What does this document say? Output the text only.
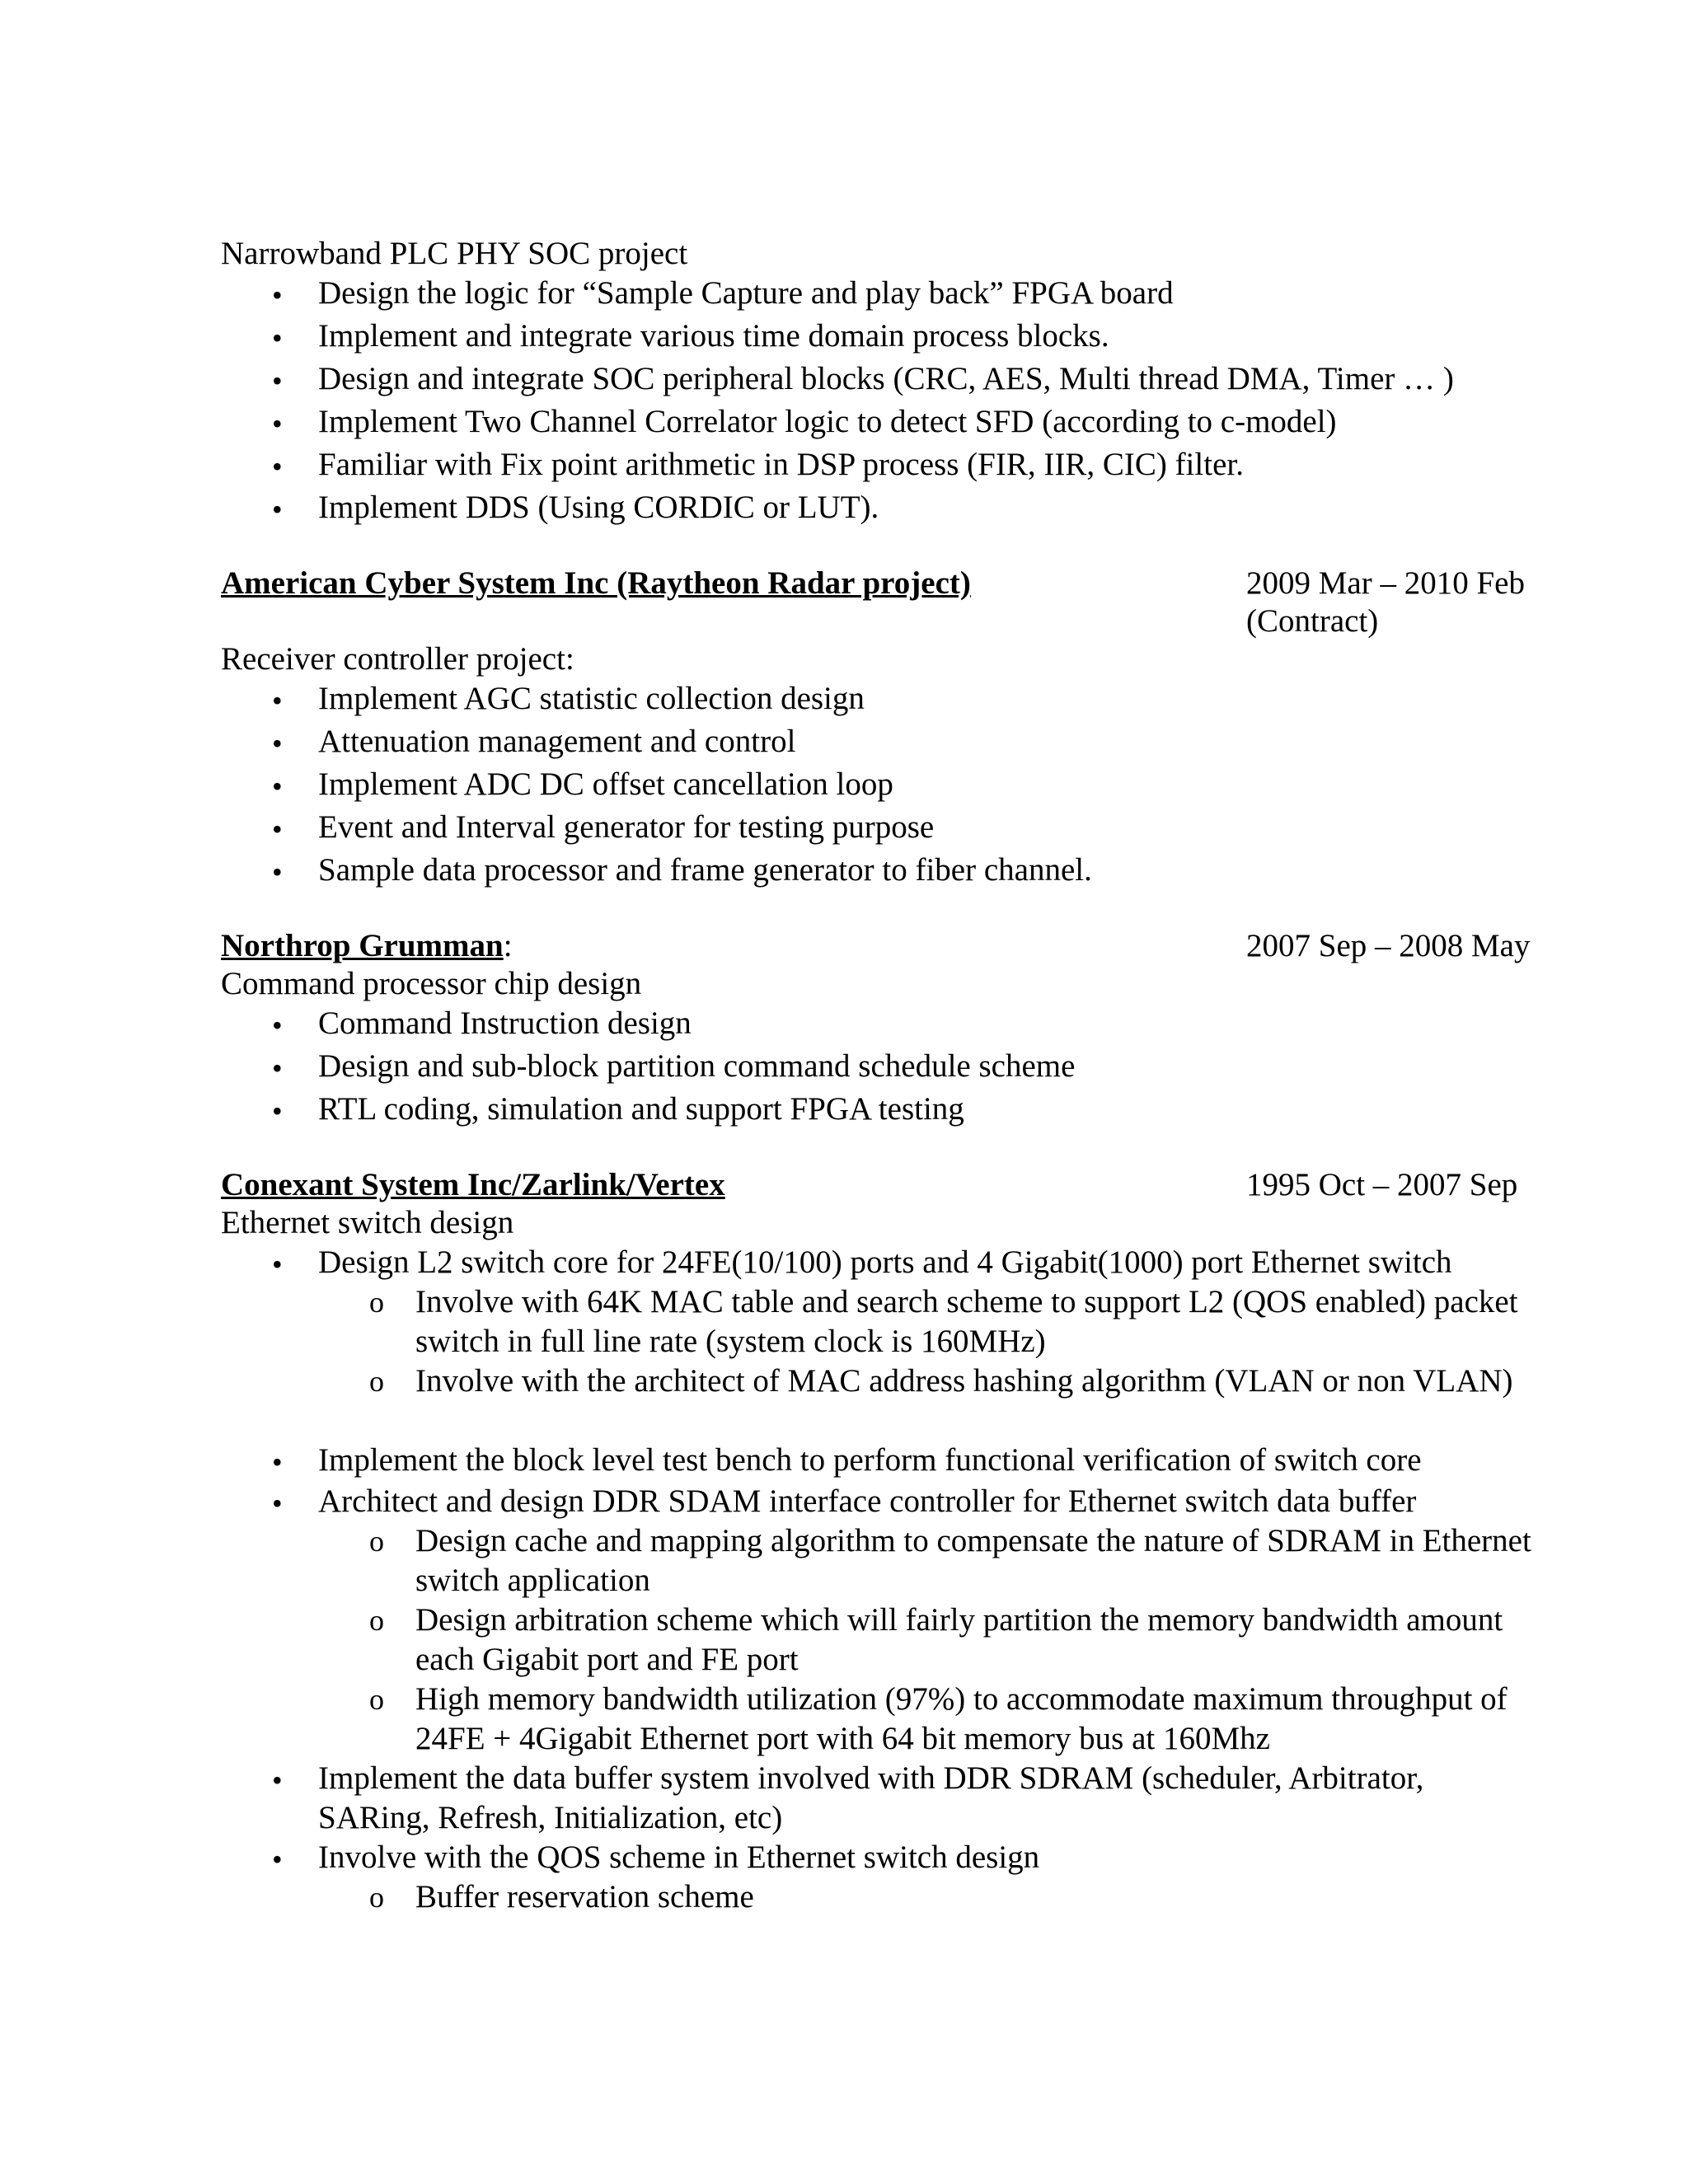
Narrowband PLC PHY SOC project
• Design the logic for “Sample Capture and play back” FPGA board
• Implement and integrate various time domain process blocks.
• Design and integrate SOC peripheral blocks (CRC, AES, Multi thread DMA, Timer … )
• Implement Two Channel Correlator logic to detect SFD (according to c-model)
• Familiar with Fix point arithmetic in DSP process (FIR, IIR, CIC) filter.
• Implement DDS (Using CORDIC or LUT).
American Cyber System Inc (Raytheon Radar project)	2009 Mar – 2010 Feb
(Contract)
Receiver controller project:
• Implement AGC statistic collection design
• Attenuation management and control
• Implement ADC DC offset cancellation loop
• Event and Interval generator for testing purpose
• Sample data processor and frame generator to fiber channel.
Northrop Grumman:	2007 Sep – 2008 May
Command processor chip design
• Command Instruction design
• Design and sub-block partition command schedule scheme
• RTL coding, simulation and support FPGA testing
Conexant System Inc/Zarlink/Vertex	1995 Oct – 2007 Sep
Ethernet switch design
• Design L2 switch core for 24FE(10/100) ports and 4 Gigabit(1000) port Ethernet switch
o Involve with 64K MAC table and search scheme to support L2 (QOS enabled) packet
switch in full line rate (system clock is 160MHz)
o Involve with the architect of MAC address hashing algorithm (VLAN or non VLAN)
• Implement the block level test bench to perform functional verification of switch core
• Architect and design DDR SDAM interface controller for Ethernet switch data buffer
o Design cache and mapping algorithm to compensate the nature of SDRAM in Ethernet
switch application
o Design arbitration scheme which will fairly partition the memory bandwidth amount
each Gigabit port and FE port
o High memory bandwidth utilization (97%) to accommodate maximum throughput of
24FE + 4Gigabit Ethernet port with 64 bit memory bus at 160Mhz
• Implement the data buffer system involved with DDR SDRAM (scheduler, Arbitrator,
SARing, Refresh, Initialization, etc)
• Involve with the QOS scheme in Ethernet switch design
o Buffer reservation scheme
